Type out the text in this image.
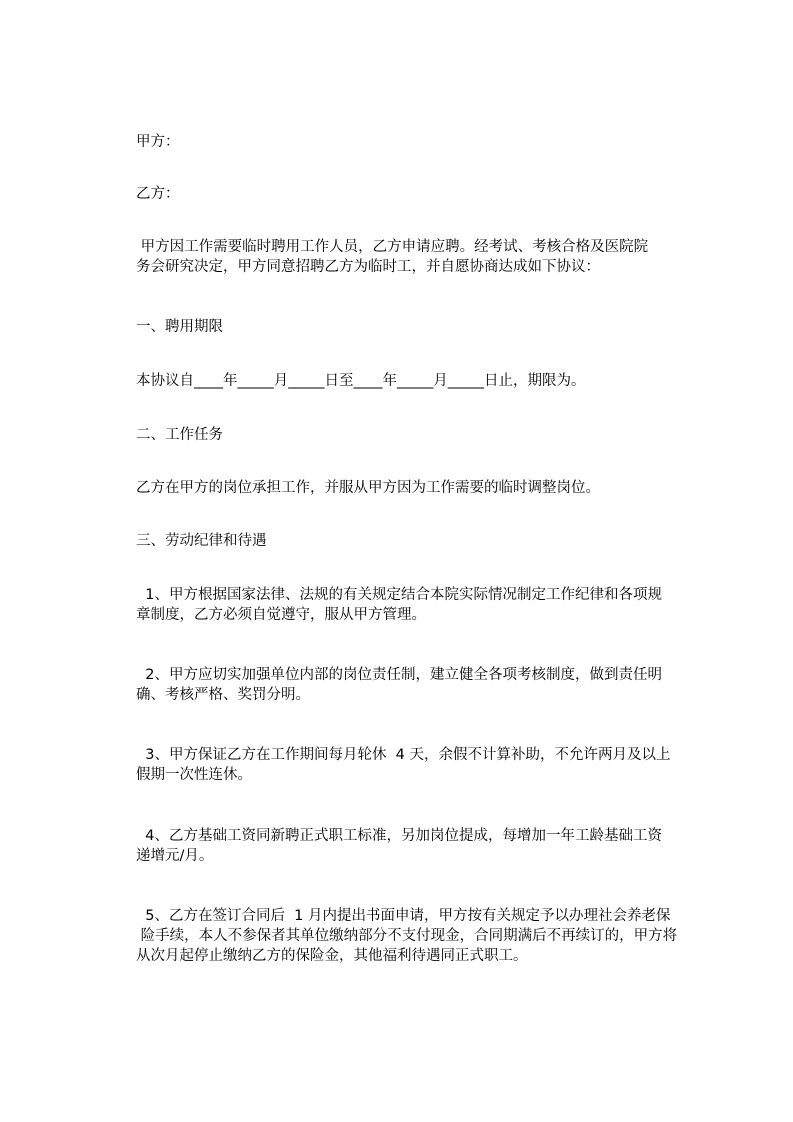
甲方：
乙方：
甲方因工作需要临时聘用工作人员，乙方申请应聘。经考试、考核合格及医院院
务会研究决定，甲方同意招聘乙方为临时工，并自愿协商达成如下协议：
一、聘用期限
本协议自____年_____月_____日至____年_____月_____日止，期限为。
二、工作任务
乙方在甲方的岗位承担工作，并服从甲方因为工作需要的临时调整岗位。
三、劳动纪律和待遇
1、甲方根据国家法律、法规的有关规定结合本院实际情况制定工作纪律和各项规
章制度，乙方必须自觉遵守，服从甲方管理。
2、甲方应切实加强单位内部的岗位责任制，建立健全各项考核制度，做到责任明
确、考核严格、奖罚分明。
3、甲方保证乙方在工作期间每月轮休  4 天，余假不计算补助，不允许两月及以上
假期一次性连休。
4、乙方基础工资同新聘正式职工标准，另加岗位提成，每增加一年工龄基础工资
递增元/月。
5、乙方在签订合同后  1 月内提出书面申请，甲方按有关规定予以办理社会养老保
险手续，本人不参保者其单位缴纳部分不支付现金，合同期满后不再续订的，甲方将
从次月起停止缴纳乙方的保险金，其他福利待遇同正式职工。
